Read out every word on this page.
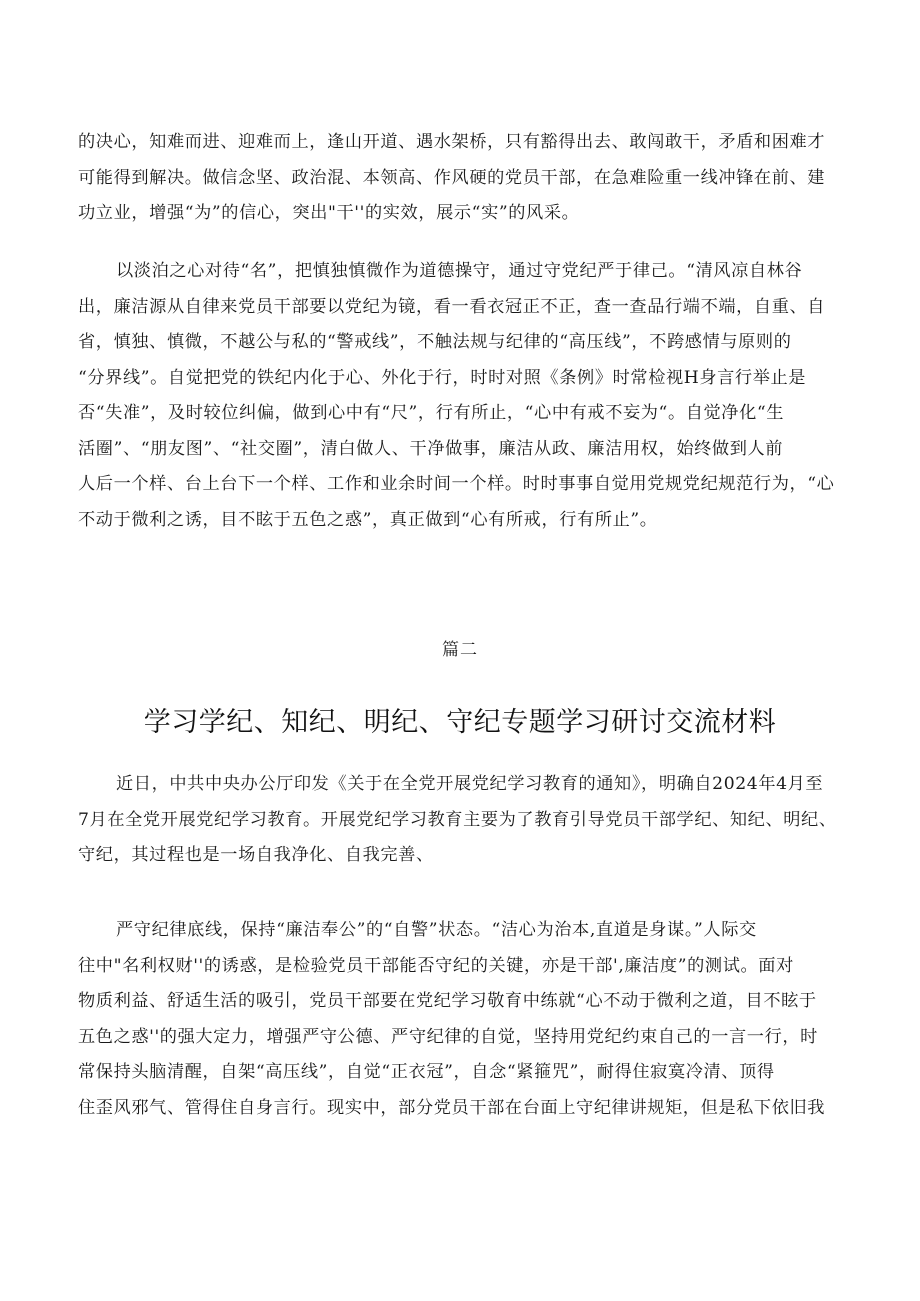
的决心，知难而进、迎难而上，逢山开道、遇水架桥，只有豁得出去、敢闯敢干，矛盾和困难才
可能得到解决。做信念坚、政治混、本领高、作风硬的党员干部，在急难险重一线冲锋在前、建
功立业，增强“为”的信心，突出"干''的实效，展示“实”的风采。
以淡泊之心对待“名”，把慎独慎微作为道德操守，通过守党纪严于律己。“清风凉自林谷
出，廉洁源从自律来党员干部要以党纪为镜，看一看衣冠正不正，查一查品行端不端，自重、自
省，慎独、慎微，不越公与私的“警戒线”，不触法规与纪律的“高压线”，不跨感情与原则的
“分界线”。自觉把党的铁纪内化于心、外化于行，时时对照《条例》时常检视H身言行举止是
否“失准”，及时较位纠偏，做到心中有“尺”，行有所止，“心中有戒不妄为“。自觉净化“生
活圈”、“朋友图”、“社交圈”，清白做人、干净做事，廉洁从政、廉洁用权，始终做到人前
人后一个样、台上台下一个样、工作和业余时间一个样。时时事事自觉用党规党纪规范行为，“心
不动于微利之诱，目不眩于五色之惑”，真正做到“心有所戒，行有所止”。
篇二
学习学纪、知纪、明纪、守纪专题学习研讨交流材料
近日，中共中央办公厅印发《关于在全党开展党纪学习教育的通知》，明确自2024年4月至
7月在全党开展党纪学习教育。开展党纪学习教育主要为了教育引导党员干部学纪、知纪、明纪、
守纪，其过程也是一场自我净化、自我完善、
严守纪律底线，保持“廉洁奉公”的“自警”状态。“洁心为治本,直道是身谋。”人际交
往中"名利权财''的诱惑，是检验党员干部能否守纪的关键，亦是干部',廉洁度”的测试。面对
物质利益、舒适生活的吸引，党员干部要在党纪学习敬育中练就“心不动于微利之道，目不眩于
五色之惑''的强大定力，增强严守公德、严守纪律的自觉，坚持用党纪约束自己的一言一行，时
常保持头脑清醒，自架“高压线”，自觉“正衣冠”，自念“紧箍咒”，耐得住寂寞冷清、顶得
住歪风邪气、管得住自身言行。现实中，部分党员干部在台面上守纪律讲规矩，但是私下依旧我
